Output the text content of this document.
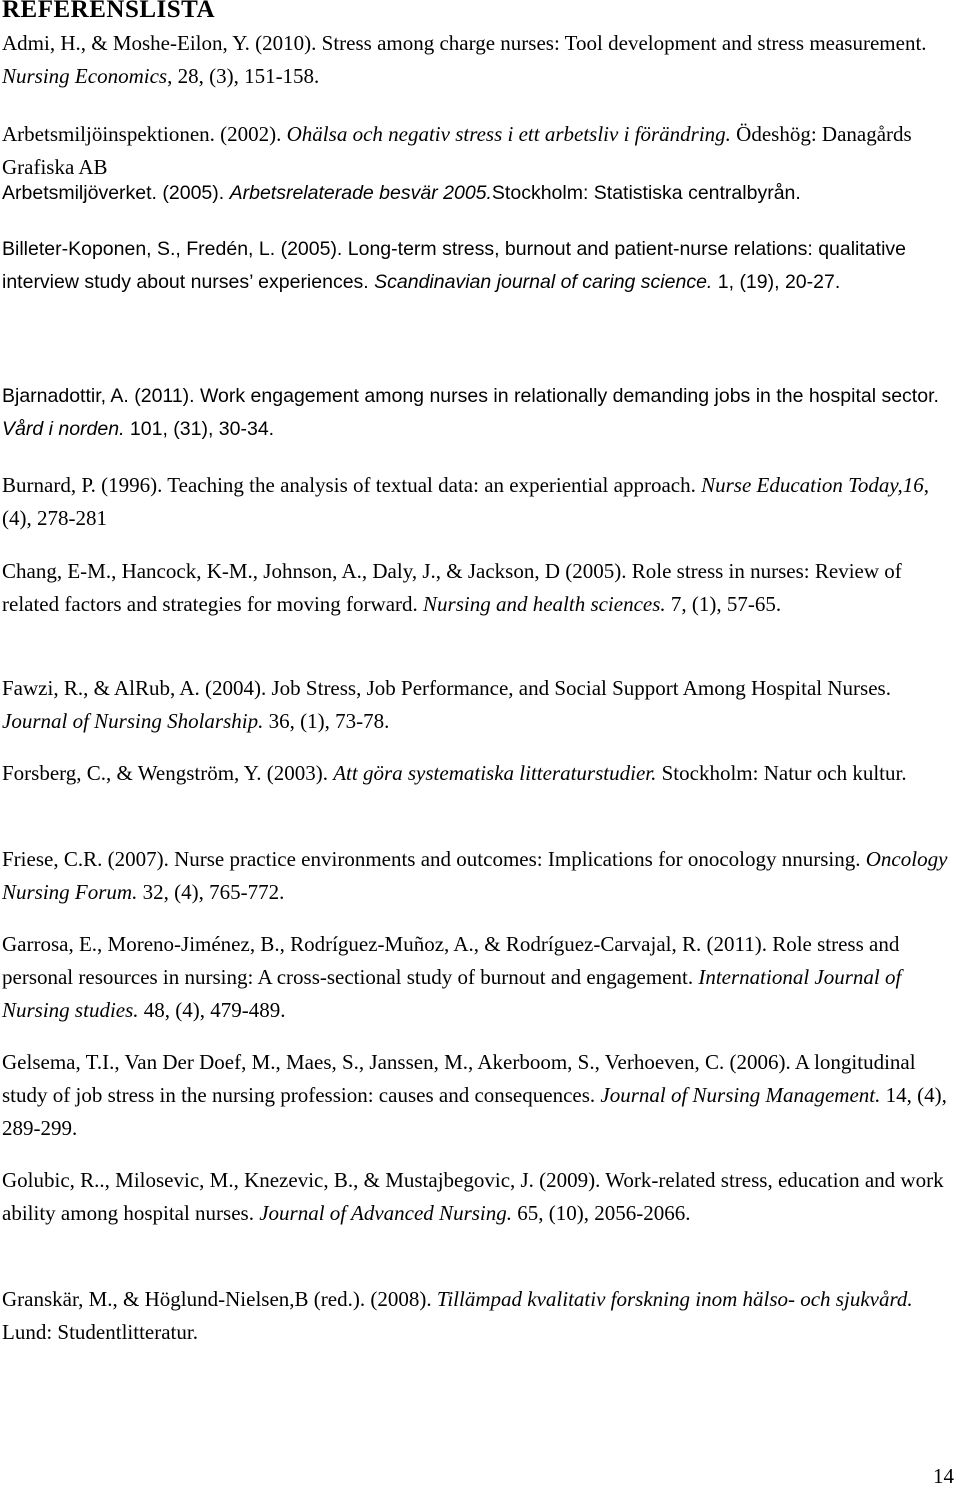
REFERENSLISTA
Admi, H., & Moshe-Eilon, Y. (2010). Stress among charge nurses: Tool development and stress measurement. Nursing Economics, 28, (3), 151-158.
Arbetsmiljöinspektionen. (2002). Ohälsa och negativ stress i ett arbetsliv i förändring. Ödeshög: Danagårds Grafiska AB
Arbetsmiljöverket. (2005). Arbetsrelaterade besvär 2005.Stockholm: Statistiska centralbyrån.
Billeter-Koponen, S., Fredén, L. (2005). Long-term stress, burnout and patient-nurse relations: qualitative interview study about nurses’ experiences. Scandinavian journal of caring science. 1, (19), 20-27.
Bjarnadottir, A. (2011). Work engagement among nurses in relationally demanding jobs in the hospital sector. Vård i norden. 101, (31), 30-34.
Burnard, P. (1996). Teaching the analysis of textual data: an experiential approach. Nurse Education Today,16, (4), 278-281
Chang, E-M., Hancock, K-M., Johnson, A., Daly, J., & Jackson, D (2005). Role stress in nurses: Review of related factors and strategies for moving forward. Nursing and health sciences. 7, (1), 57-65.
Fawzi, R., & AlRub, A. (2004). Job Stress, Job Performance, and Social Support Among Hospital Nurses. Journal of Nursing Sholarship. 36, (1), 73-78.
Forsberg, C., & Wengström, Y. (2003). Att göra systematiska litteraturstudier. Stockholm: Natur och kultur.
Friese, C.R. (2007). Nurse practice environments and outcomes: Implications for onocology nnursing. Oncology Nursing Forum. 32, (4), 765-772.
Garrosa, E., Moreno-Jiménez, B., Rodríguez-Muñoz, A., & Rodríguez-Carvajal, R. (2011). Role stress and personal resources in nursing: A cross-sectional study of burnout and engagement. International Journal of Nursing studies. 48, (4), 479-489.
Gelsema, T.I., Van Der Doef, M., Maes, S., Janssen, M., Akerboom, S., Verhoeven, C. (2006). A longitudinal study of job stress in the nursing profession: causes and consequences. Journal of Nursing Management. 14, (4), 289-299.
Golubic, R.., Milosevic, M., Knezevic, B., & Mustajbegovic, J. (2009). Work-related stress, education and work ability among hospital nurses. Journal of Advanced Nursing. 65, (10), 2056-2066.
Granskär, M., & Höglund-Nielsen,B (red.). (2008). Tillämpad kvalitativ forskning inom hälso- och sjukvård. Lund: Studentlitteratur.
14
